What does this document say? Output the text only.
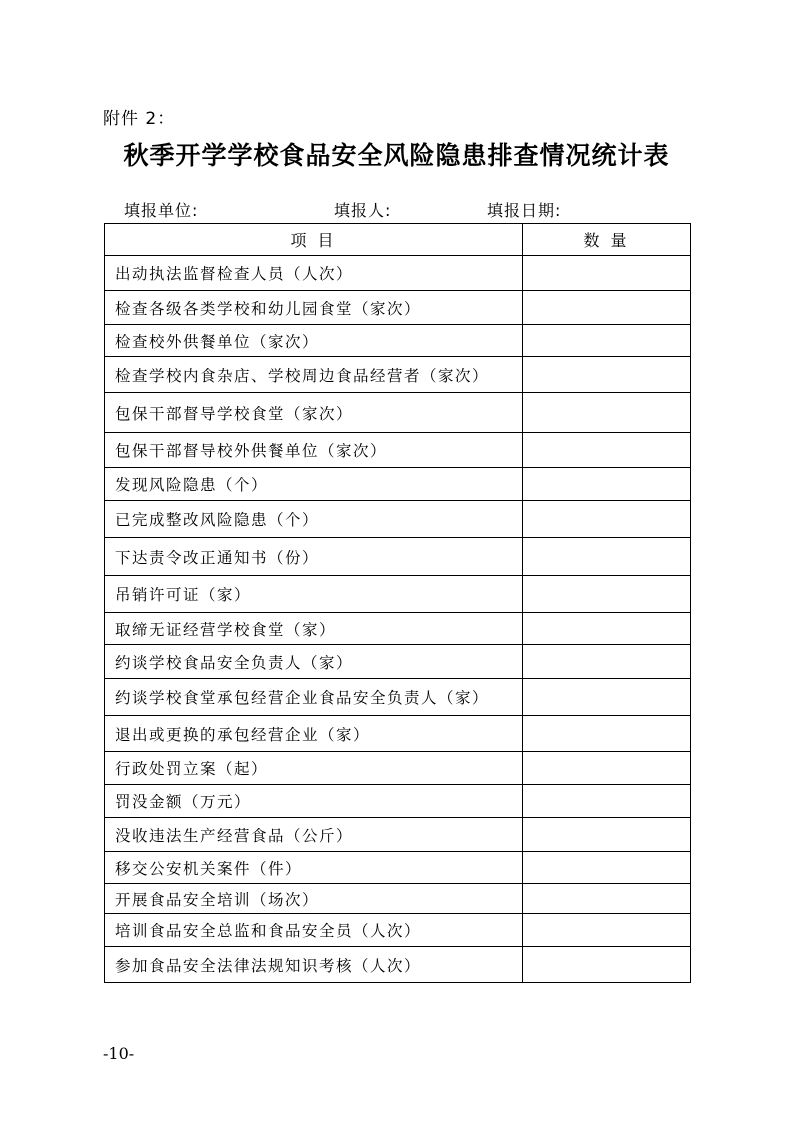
附件 2：
秋季开学学校食品安全风险隐患排查情况统计表
填报单位:	填报人:	填报日期:
项 目	数 量
出动执法监督检查人员（人次）	
检查各级各类学校和幼儿园食堂（家次）	
检查校外供餐单位（家次）	
检查学校内食杂店、学校周边食品经营者（家次）	
包保干部督导学校食堂（家次）	
包保干部督导校外供餐单位（家次）	
发现风险隐患（个）	
已完成整改风险隐患（个）	
下达责令改正通知书（份）	
吊销许可证（家）	
取缔无证经营学校食堂（家）	
约谈学校食品安全负责人（家）	
约谈学校食堂承包经营企业食品安全负责人（家）	
退出或更换的承包经营企业（家）	
行政处罚立案（起）	
罚没金额（万元）	
没收违法生产经营食品（公斤）	
移交公安机关案件（件）	
开展食品安全培训（场次）	
培训食品安全总监和食品安全员（人次）	
参加食品安全法律法规知识考核（人次）	
-10-
